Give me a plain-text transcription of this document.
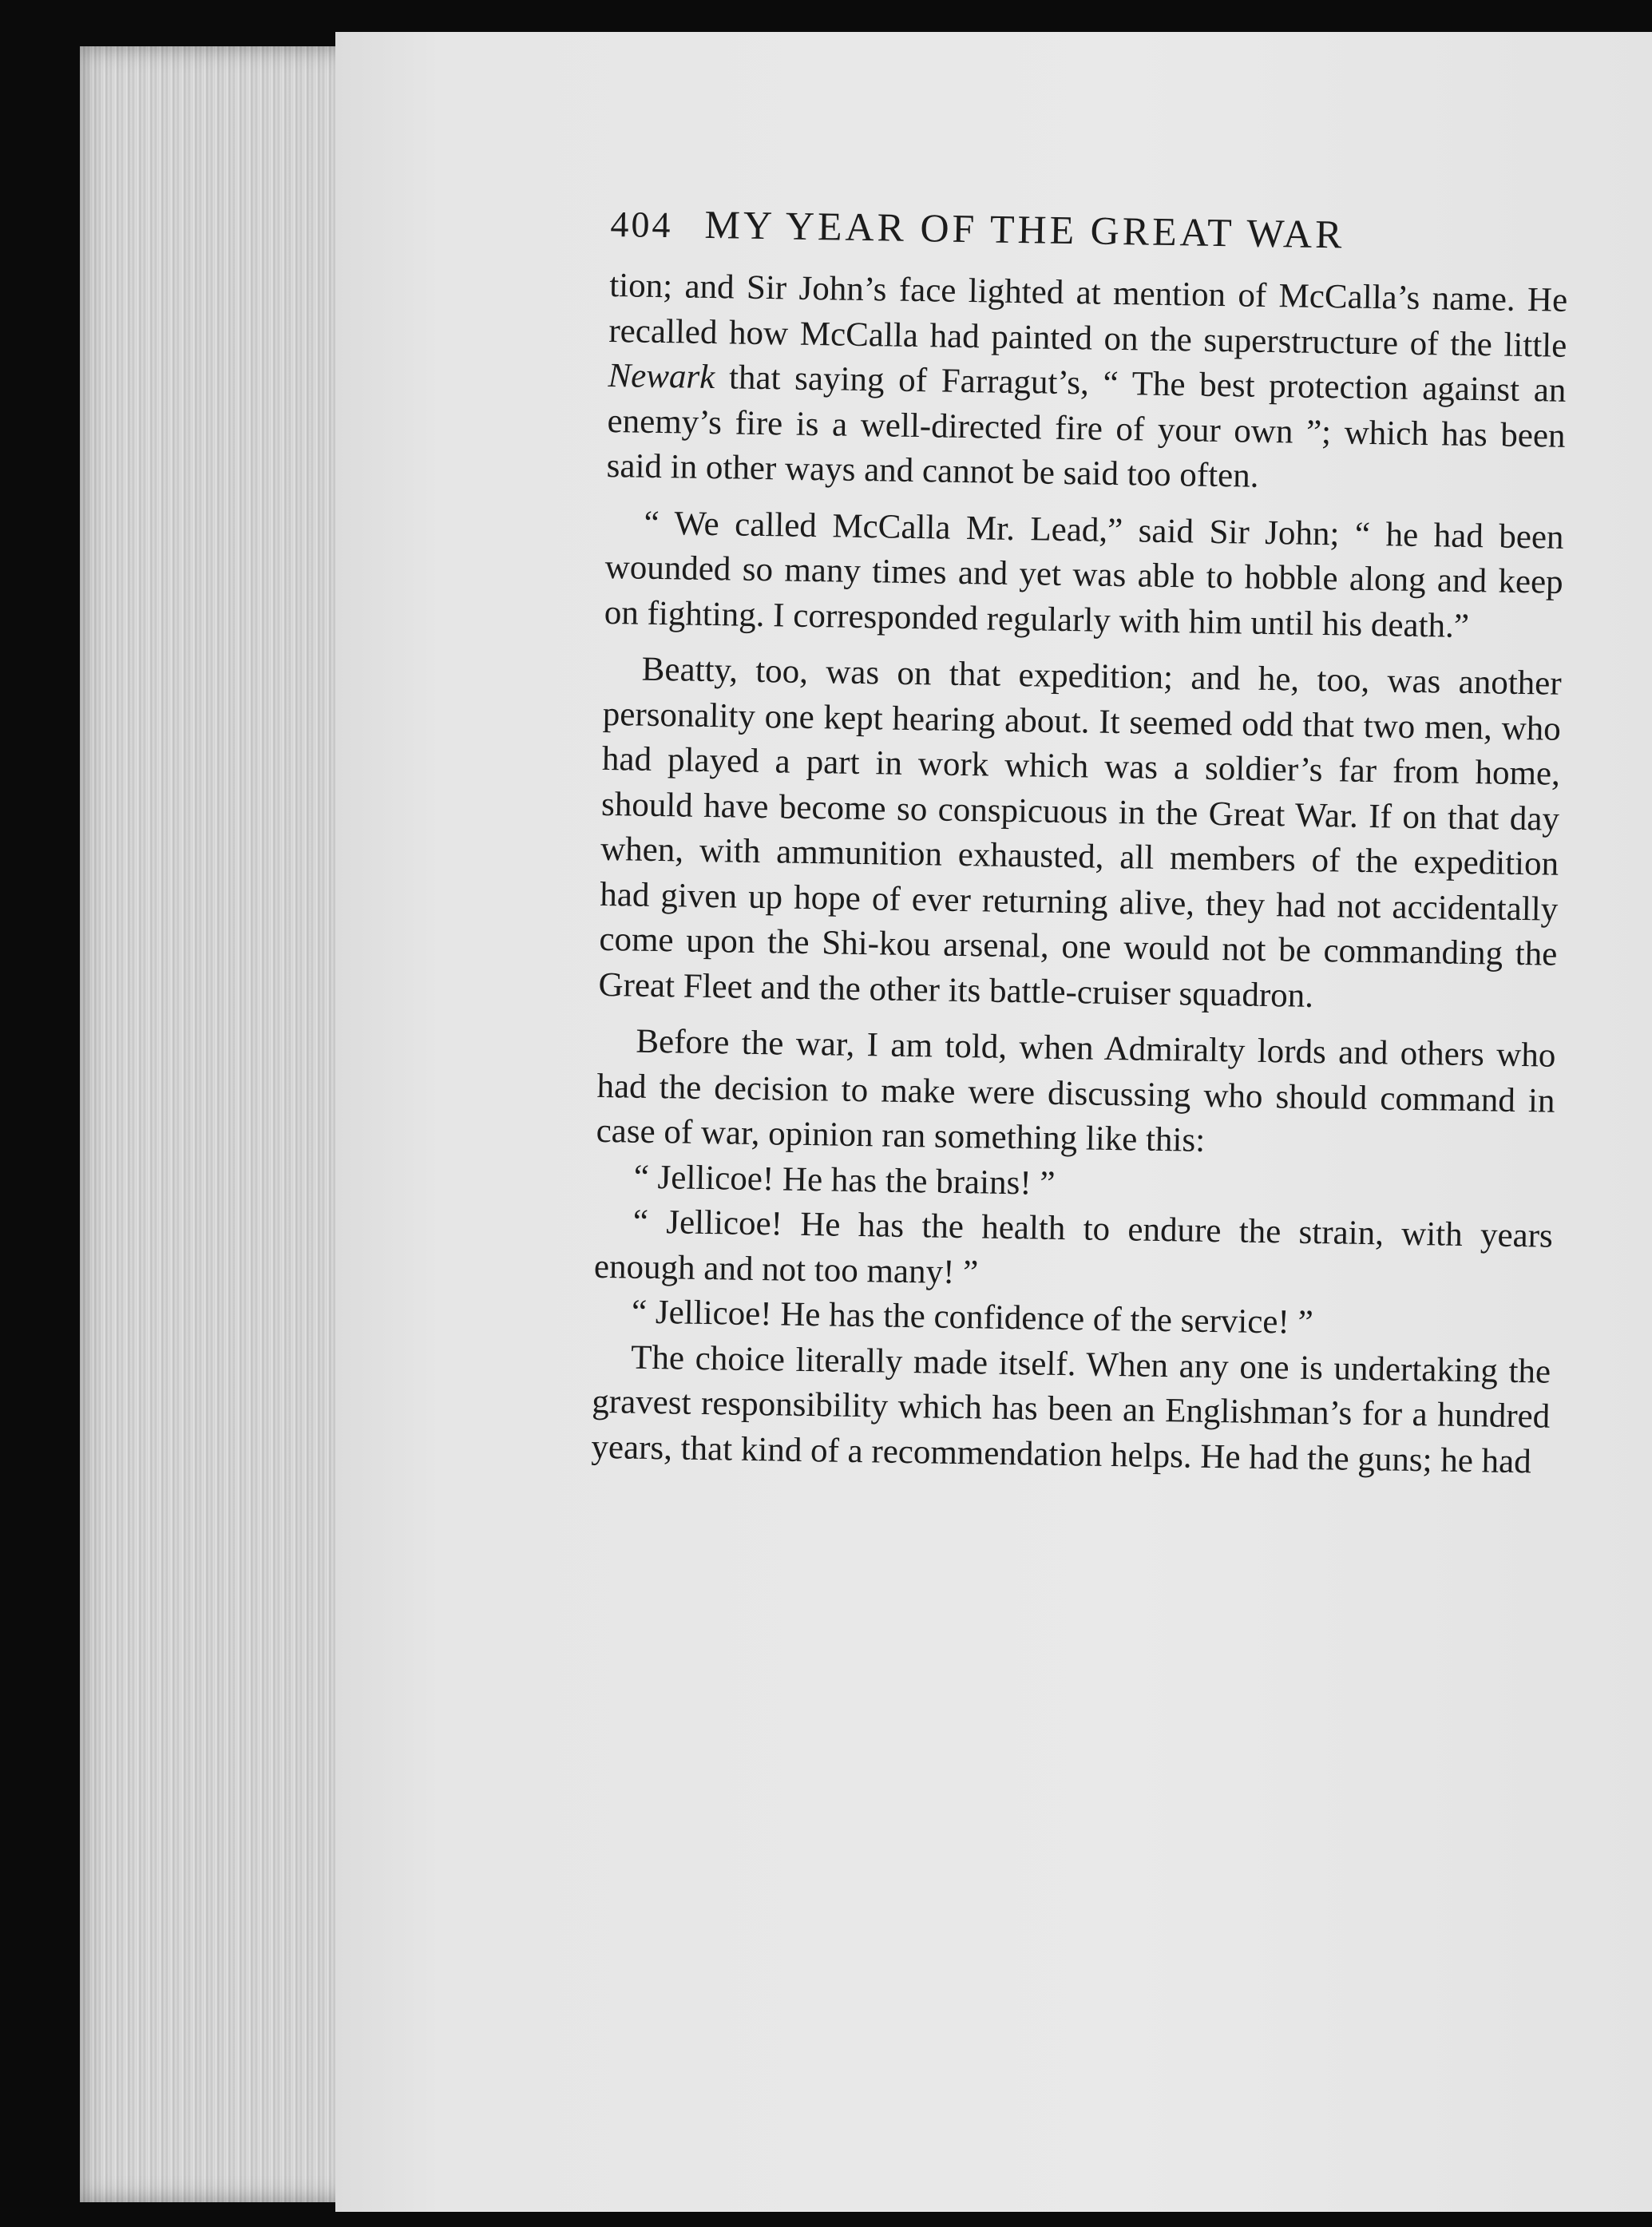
404 MY YEAR OF THE GREAT WAR

tion; and Sir John’s face lighted at mention of McCalla’s name. He recalled how McCalla had painted on the superstructure of the little Newark that saying of Farragut’s, “ The best protection against an enemy’s fire is a well-directed fire of your own ”; which has been said in other ways and cannot be said too often.

“ We called McCalla Mr. Lead,” said Sir John; “ he had been wounded so many times and yet was able to hobble along and keep on fighting. I corresponded regularly with him until his death.”

Beatty, too, was on that expedition; and he, too, was another personality one kept hearing about. It seemed odd that two men, who had played a part in work which was a soldier’s far from home, should have become so conspicuous in the Great War. If on that day when, with ammunition exhausted, all members of the expedition had given up hope of ever returning alive, they had not accidentally come upon the Shi-kou arsenal, one would not be commanding the Great Fleet and the other its battle-cruiser squadron.

Before the war, I am told, when Admiralty lords and others who had the decision to make were discussing who should command in case of war, opinion ran something like this:

“ Jellicoe! He has the brains! ”

“ Jellicoe! He has the health to endure the strain, with years enough and not too many! ”

“ Jellicoe! He has the confidence of the service! ”

The choice literally made itself. When any one is undertaking the gravest responsibility which has been an Englishman’s for a hundred years, that kind of a recommendation helps. He had the guns; he had
